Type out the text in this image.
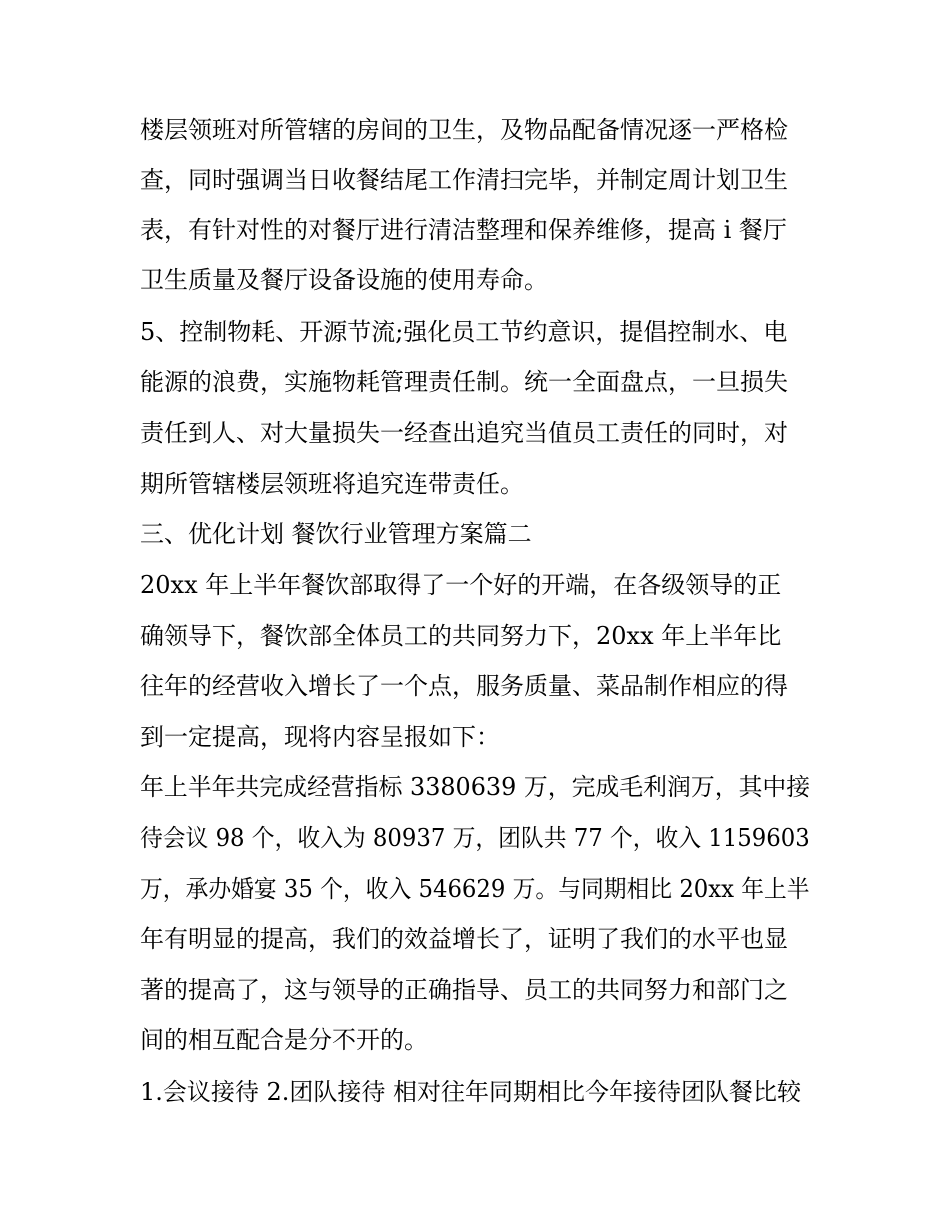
楼层领班对所管辖的房间的卫生，及物品配备情况逐一严格检
查，同时强调当日收餐结尾工作清扫完毕，并制定周计划卫生
表，有针对性的对餐厅进行清洁整理和保养维修，提高 i 餐厅
卫生质量及餐厅设备设施的使用寿命。
5、控制物耗、开源节流;强化员工节约意识，提倡控制水、电
能源的浪费，实施物耗管理责任制。统一全面盘点，一旦损失
责任到人、对大量损失一经查出追究当值员工责任的同时，对
期所管辖楼层领班将追究连带责任。
三、优化计划 餐饮行业管理方案篇二
20xx 年上半年餐饮部取得了一个好的开端，在各级领导的正
确领导下，餐饮部全体员工的共同努力下，20xx 年上半年比
往年的经营收入增长了一个点，服务质量、菜品制作相应的得
到一定提高，现将内容呈报如下：
年上半年共完成经营指标 3380639 万，完成毛利润万，其中接
待会议 98 个，收入为 80937 万，团队共 77 个，收入 1159603
万，承办婚宴 35 个，收入 546629 万。与同期相比 20xx 年上半
年有明显的提高，我们的效益增长了，证明了我们的水平也显
著的提高了，这与领导的正确指导、员工的共同努力和部门之
间的相互配合是分不开的。
1.会议接待 2.团队接待 相对往年同期相比今年接待团队餐比较
